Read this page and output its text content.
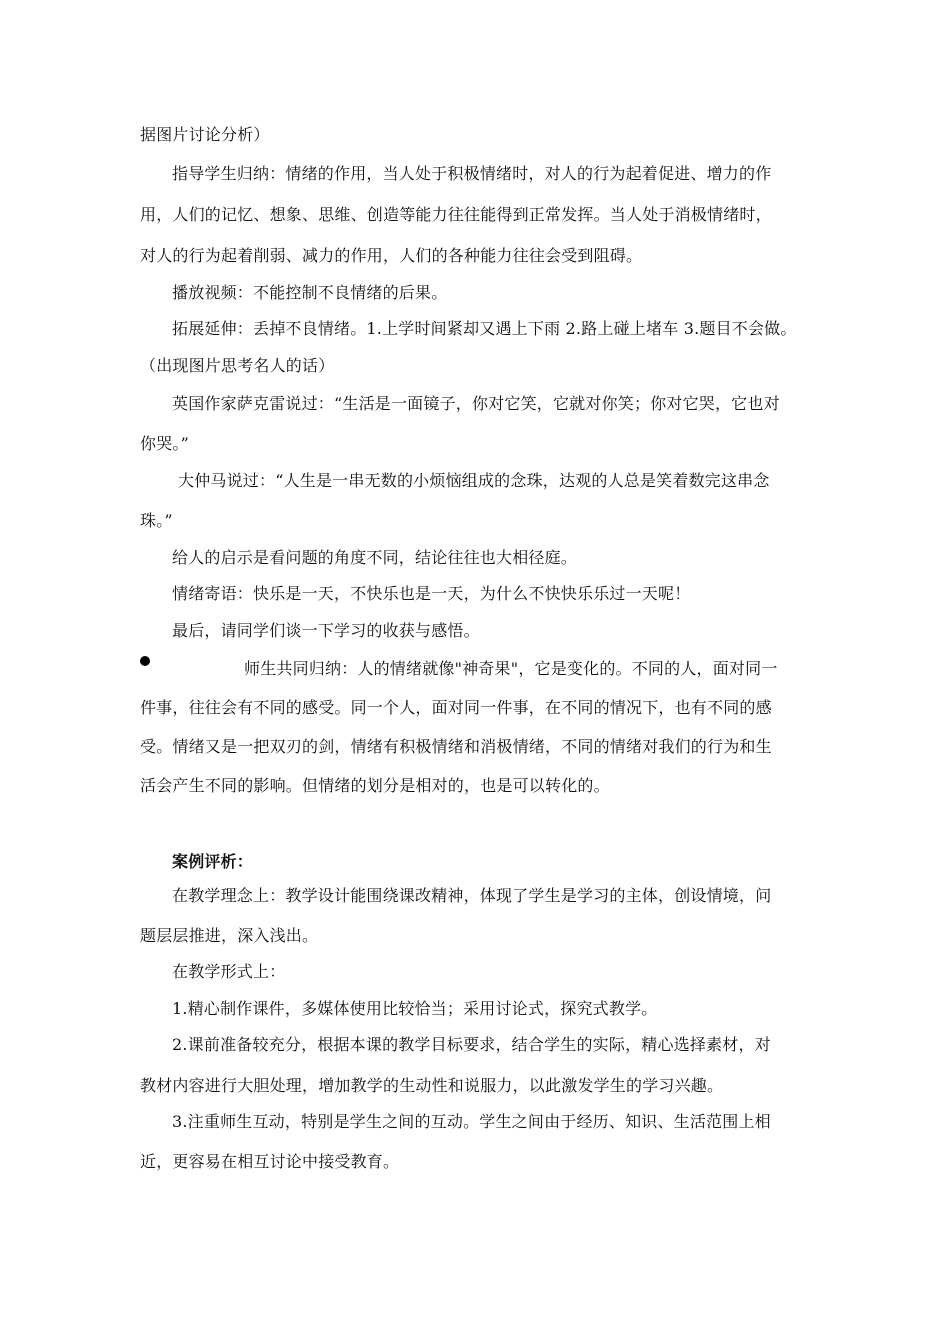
据图片讨论分析）
指导学生归纳：情绪的作用，当人处于积极情绪时，对人的行为起着促进、增力的作
用，人们的记忆、想象、思维、创造等能力往往能得到正常发挥。当人处于消极情绪时，
对人的行为起着削弱、减力的作用，人们的各种能力往往会受到阻碍。
播放视频：不能控制不良情绪的后果。
拓展延伸：丢掉不良情绪。1.上学时间紧却又遇上下雨 2.路上碰上堵车 3.题目不会做。
（出现图片思考名人的话）
英国作家萨克雷说过：“生活是一面镜子，你对它笑，它就对你笑；你对它哭，它也对
你哭。”
大仲马说过：“人生是一串无数的小烦恼组成的念珠，达观的人总是笑着数完这串念
珠。”
给人的启示是看问题的角度不同，结论往往也大相径庭。
情绪寄语：快乐是一天，不快乐也是一天，为什么不快快乐乐过一天呢！
最后，请同学们谈一下学习的收获与感悟。
师生共同归纳：人的情绪就像"神奇果"，它是变化的。不同的人，面对同一
件事，往往会有不同的感受。同一个人，面对同一件事，在不同的情况下，也有不同的感
受。情绪又是一把双刃的剑，情绪有积极情绪和消极情绪，不同的情绪对我们的行为和生
活会产生不同的影响。但情绪的划分是相对的，也是可以转化的。
案例评析：
在教学理念上：教学设计能围绕课改精神，体现了学生是学习的主体，创设情境，问
题层层推进，深入浅出。
在教学形式上：
1.精心制作课件，多媒体使用比较恰当；采用讨论式，探究式教学。
2.课前准备较充分，根据本课的教学目标要求，结合学生的实际，精心选择素材，对
教材内容进行大胆处理，增加教学的生动性和说服力，以此激发学生的学习兴趣。
3.注重师生互动，特别是学生之间的互动。学生之间由于经历、知识、生活范围上相
近，更容易在相互讨论中接受教育。
